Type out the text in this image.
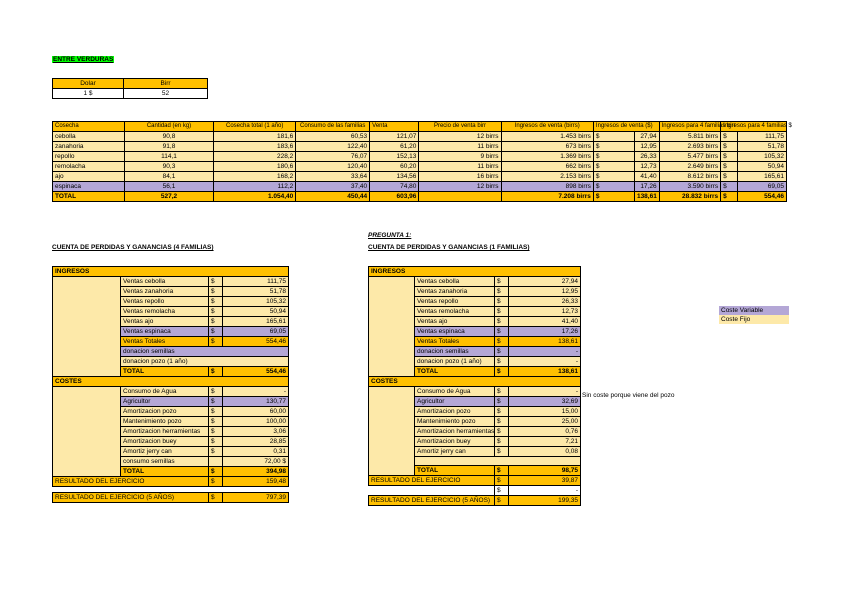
ENTRE VERDURAS
Dolar	Birr
1 $	52
Cosecha	Cantidad (en kg)	Cosecha total (1 año)	Consumo de las familias	Venta	Precio de venta birr	Ingresos de venta (birrs)	Ingresos de venta ($)		Ingresos para 4 familias birr	Ingresos para 4 familias $	
cebolla	90,8	181,6	60,53	121,07	12 birrs	1.453 birrs	$	27,94	5.811 birrs	$	111,75
zanahoria	91,8	183,6	122,40	61,20	11 birrs	673 birrs	$	12,95	2.693 birrs	$	51,78
repollo	114,1	228,2	76,07	152,13	9 birrs	1.369 birrs	$	26,33	5.477 birrs	$	105,32
remolacha	90,3	180,6	120,40	60,20	11 birrs	662 birrs	$	12,73	2.649 birrs	$	50,94
ajo	84,1	168,2	33,64	134,56	16 birrs	2.153 birrs	$	41,40	8.612 birrs	$	165,61
espinaca	56,1	112,2	37,40	74,80	12 birrs	898 birrs	$	17,26	3.590 birrs	$	69,05
TOTAL	527,2	1.054,40	450,44	603,96		7.208 birrs	$	138,61	28.832 birrs	$	554,46
PREGUNTA 1:
CUENTA DE PERDIDAS Y GANANCIAS (4 FAMILIAS)	CUENTA DE PERDIDAS Y GANANCIAS (1 FAMILIAS)
INGRESOS			
	Ventas cebolla	$	111,75
	Ventas zanahoria	$	51,78
	Ventas repollo	$	105,32
	Ventas remolacha	$	50,94
	Ventas ajo	$	165,61
	Ventas espinaca	$	69,05
	Ventas Totales	$	554,46
	donacion semillas		
	donacion pozo (1 año)		
	TOTAL	$	554,46
COSTES			
	Consumo de Agua	$	-
	Agricultor	$	130,77
	Amortizacion pozo	$	60,00
	Mantenimiento pozo	$	100,00
	Amortizacion herramientas	$	3,06
	Amortizacion buey	$	28,85
	Amortiz jerry can	$	0,31
	consumo semillas		72,00 $
	TOTAL	$	394,98
RESULTADO DEL EJERCICIO		$	159,48

RESULTADO DEL EJERCICIO (5 AÑOS)		$	797,39
INGRESOS			
	Ventas cebolla	$	27,94
	Ventas zanahoria	$	12,95
	Ventas repollo	$	26,33
	Ventas remolacha	$	12,73
	Ventas ajo	$	41,40
	Ventas espinaca	$	17,26
	Ventas Totales	$	138,61
	donacion semillas	$	-
	donacion pozo (1 año)	$	-
	TOTAL	$	138,61
COSTES			
	Consumo de Agua	$	-
	Agricultor	$	32,69
	Amortizacion pozo	$	15,00
	Mantenimiento pozo	$	25,00
	Amortizacion herramientas	$	0,76
	Amortizacion buey	$	7,21
	Amortiz jerry can	$	0,08

	TOTAL	$	98,75
RESULTADO DEL EJERCICIO		$	39,87
		$	-
RESULTADO DEL EJERCICIO (5 AÑOS)		$	199,35
Sin coste porque viene del pozo
Coste Variable
Coste Fijo
